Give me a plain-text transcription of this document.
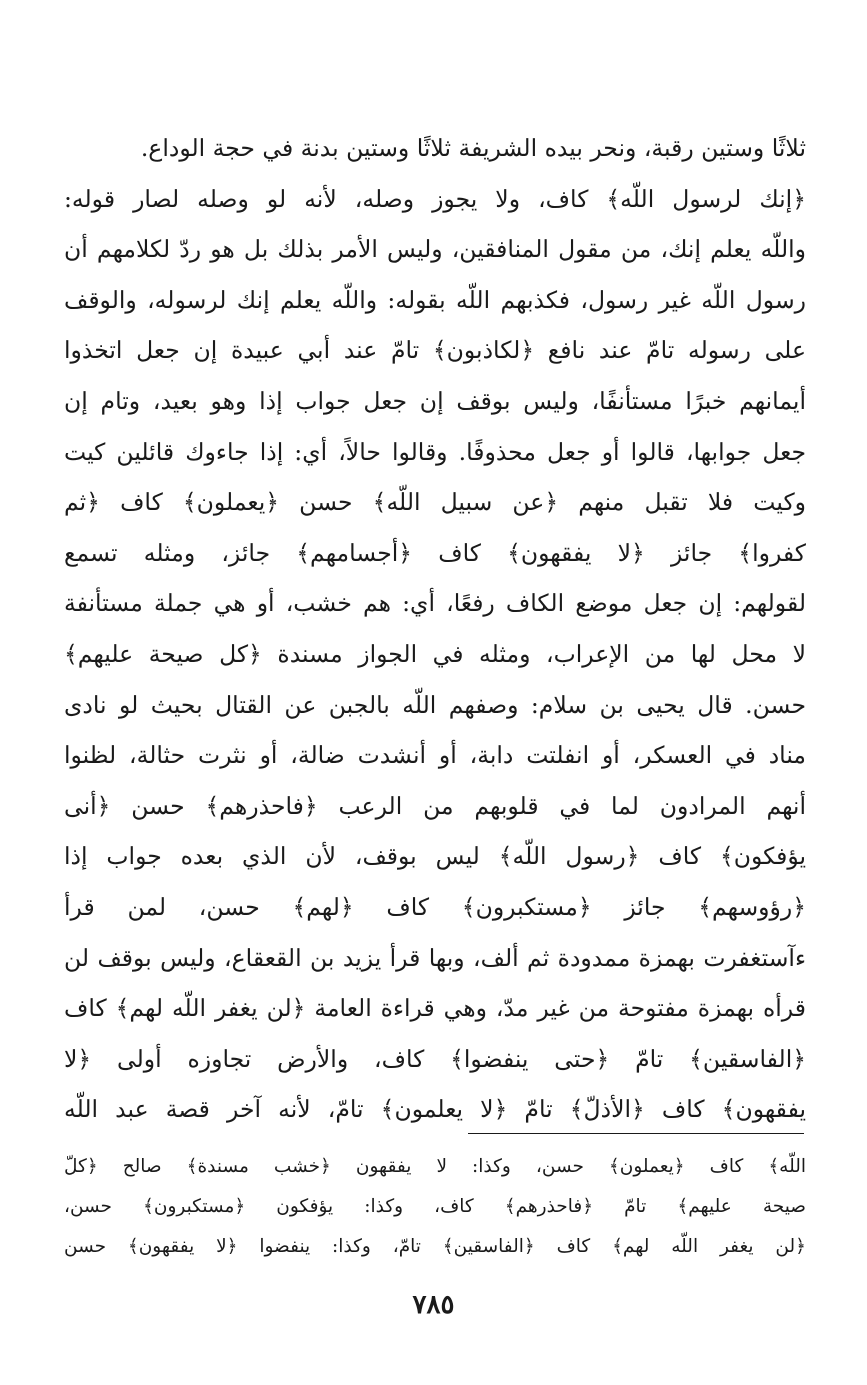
ثلاثًا وستين رقبة، ونحر بيده الشريفة ثلاثًا وستين بدنة في حجة الوداع.
﴿إنك لرسول اللّه﴾ كاف، ولا يجوز وصله، لأنه لو وصله لصار قوله:
واللّه يعلم إنك، من مقول المنافقين، وليس الأمر بذلك بل هو ردّ لكلامهم أن
رسول اللّه غير رسول، فكذبهم اللّه بقوله: واللّه يعلم إنك لرسوله، والوقف
على رسوله تامّ عند نافع ﴿لكاذبون﴾ تامّ عند أبي عبيدة إن جعل اتخذوا
أيمانهم خبرًا مستأنفًا، وليس بوقف إن جعل جواب إذا وهو بعيد، وتام إن
جعل جوابها، قالوا أو جعل محذوفًا. وقالوا حالاً، أي: إذا جاءوك قائلين كيت
وكيت فلا تقبل منهم ﴿عن سبيل اللّه﴾ حسن ﴿يعملون﴾ كاف ﴿ثم
كفروا﴾ جائز ﴿لا يفقهون﴾ كاف ﴿أجسامهم﴾ جائز، ومثله تسمع
لقولهم: إن جعل موضع الكاف رفعًا، أي: هم خشب، أو هي جملة مستأنفة
لا محل لها من الإعراب، ومثله في الجواز مسندة ﴿كل صيحة عليهم﴾
حسن. قال يحيى بن سلام: وصفهم اللّه بالجبن عن القتال بحيث لو نادى
مناد في العسكر، أو انفلتت دابة، أو أنشدت ضالة، أو نثرت حثالة، لظنوا
أنهم المرادون لما في قلوبهم من الرعب ﴿فاحذرهم﴾ حسن ﴿أنى
يؤفكون﴾ كاف ﴿رسول اللّه﴾ ليس بوقف، لأن الذي بعده جواب إذا
﴿رؤوسهم﴾ جائز ﴿مستكبرون﴾ كاف ﴿لهم﴾ حسن، لمن قرأ
ءآستغفرت بهمزة ممدودة ثم ألف، وبها قرأ يزيد بن القعقاع، وليس بوقف لن
قرأه بهمزة مفتوحة من غير مدّ، وهي قراءة العامة ﴿لن يغفر اللّه لهم﴾ كاف
﴿الفاسقين﴾ تامّ ﴿حتى ينفضوا﴾ كاف، والأرض تجاوزه أولى ﴿لا
يفقهون﴾ كاف ﴿الأذلّ﴾ تامّ ﴿لا يعلمون﴾ تامّ، لأنه آخر قصة عبد اللّه
اللّه﴾ كاف ﴿يعملون﴾ حسن، وكذا: لا يفقهون ﴿خشب مسندة﴾ صالح ﴿كلّ
صيحة عليهم﴾ تامّ ﴿فاحذرهم﴾ كاف، وكذا: يؤفكون ﴿مستكبرون﴾ حسن،
﴿لن يغفر اللّه لهم﴾ كاف ﴿الفاسقين﴾ تامّ، وكذا: ينفضوا ﴿لا يفقهون﴾ حسن
٧٨٥
